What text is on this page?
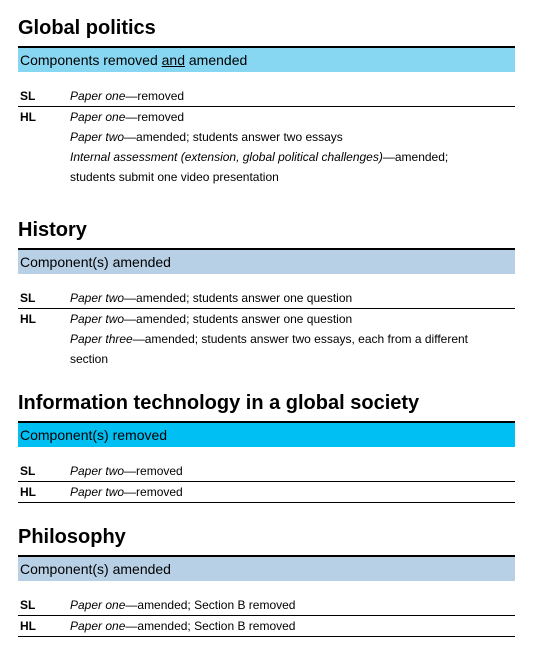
Global politics
Components removed and amended
SL	Paper one—removed
HL	Paper one—removed
Paper two—amended; students answer two essays
Internal assessment (extension, global political challenges)—amended;
students submit one video presentation
History
Component(s) amended
SL	Paper two—amended; students answer one question
HL	Paper two—amended; students answer one question
Paper three—amended; students answer two essays, each from a different
section
Information technology in a global society
Component(s) removed
SL	Paper two—removed
HL	Paper two—removed
Philosophy
Component(s) amended
SL	Paper one—amended; Section B removed
HL	Paper one—amended; Section B removed
